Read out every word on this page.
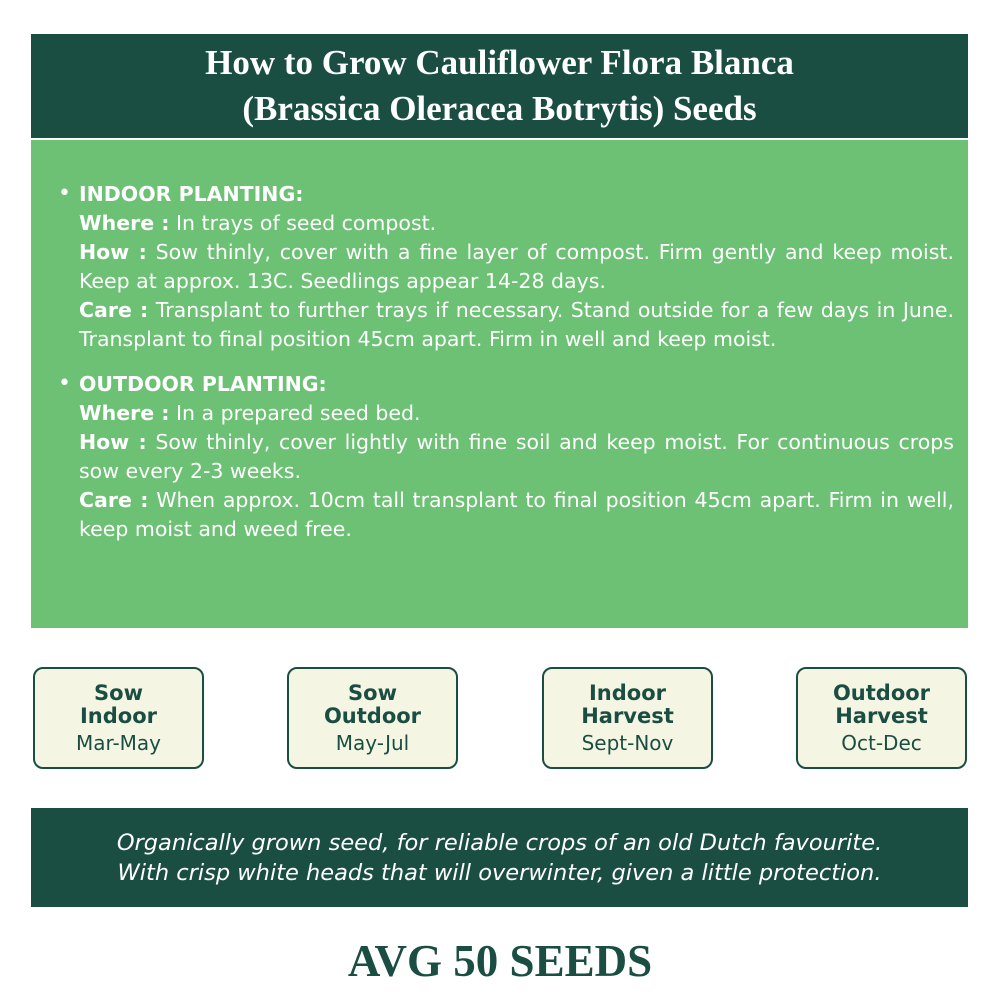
How to Grow Cauliflower Flora Blanca
(Brassica Oleracea Botrytis) Seeds
• INDOOR PLANTING:
Where : In trays of seed compost.
How : Sow thinly, cover with a fine layer of compost. Firm gently and keep moist. Keep at approx. 13C. Seedlings appear 14-28 days.
Care : Transplant to further trays if necessary. Stand outside for a few days in June. Transplant to final position 45cm apart. Firm in well and keep moist.
• OUTDOOR PLANTING:
Where : In a prepared seed bed.
How : Sow thinly, cover lightly with fine soil and keep moist. For continuous crops sow every 2-3 weeks.
Care : When approx. 10cm tall transplant to final position 45cm apart. Firm in well, keep moist and weed free.
Sow
Indoor
Mar-May
Sow
Outdoor
May-Jul
Indoor
Harvest
Sept-Nov
Outdoor
Harvest
Oct-Dec
Organically grown seed, for reliable crops of an old Dutch favourite.
With crisp white heads that will overwinter, given a little protection.
AVG 50 SEEDS
